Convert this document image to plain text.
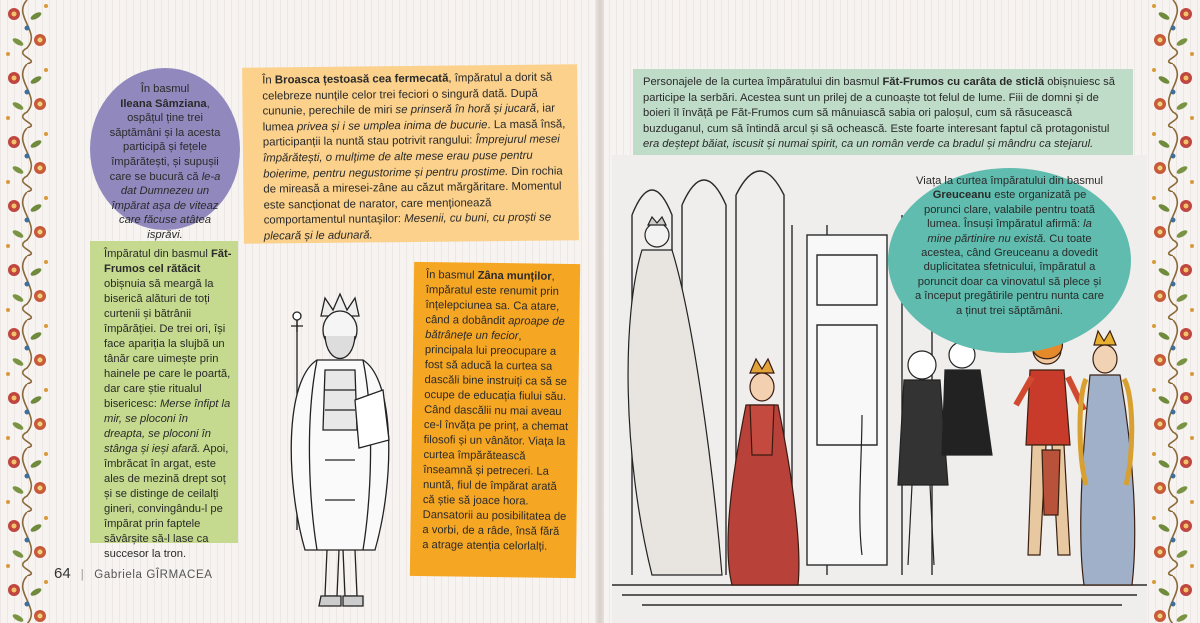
În basmul
Ileana Sâmziana, ospățul ține trei săptămâni și la acesta participă și fețele împărătești, și supușii care se bucură că le-a dat Dumnezeu un împărat așa de viteaz care făcuse atâtea isprăvi.
În Broasca țestoasă cea fermecată, împăratul a dorit să celebreze nunțile celor trei feciori o singură dată. După cununie, perechile de miri se prinseră în horă și jucară, iar lumea privea și i se umplea inima de bucurie. La masă însă, participanții la nuntă stau potrivit rangului: Împrejurul mesei împărătești, o mulțime de alte mese erau puse pentru boierime, pentru negustorime și pentru prostime. Din rochia de mireasă a miresei-zâne au căzut mărgăritare. Momentul este sancționat de narator, care menționează comportamentul nuntașilor: Mesenii, cu buni, cu proști se plecară și le adunară.
Împăratul din basmul Făt-Frumos cel rătăcit obișnuia să meargă la biserică alături de toți curtenii și bătrânii împărăției. De trei ori, își face apariția la slujbă un tânăr care uimește prin hainele pe care le poartă, dar care știe ritualul bisericesc: Merse înfipt la mir, se ploconi în dreapta, se ploconi în stânga și ieși afară. Apoi, îmbrăcat în argat, este ales de mezină drept soț și se distinge de ceilalți gineri, convingându-l pe împărat prin faptele săvârșite să-l lase ca succesor la tron.
În basmul Zâna munților, împăratul este renumit prin înțelepciunea sa. Ca atare, când a dobândit aproape de bătrânețe un fecior, principala lui preocupare a fost să aducă la curtea sa dascăli bine instruiți ca să se ocupe de educația fiului său. Când dascălii nu mai aveau ce-l învăța pe prinț, a chemat filosofi și un vânător. Viața la curtea împărătească înseamnă și petreceri. La nuntă, fiul de împărat arată că știe să joace hora. Dansatorii au posibilitatea de a vorbi, de a râde, însă fără a atrage atenția celorlalți.
Personajele de la curtea împăratului din basmul Făt-Frumos cu carâta de sticlă obișnuiesc să participe la serbări. Acestea sunt un prilej de a cunoaște tot felul de lume. Fiii de domni și de boieri îl învăță pe Făt-Frumos cum să mânuiască sabia ori paloșul, cum să răsucească buzduganul, cum să întindă arcul și să ochească. Este foarte interesant faptul că protagonistul era deștept băiat, iscusit și numai spirit, ca un român verde ca bradul și mândru ca stejarul.
Viața la curtea împăratului din basmul Greuceanu este organizată pe porunci clare, valabile pentru toată lumea. Însuși împăratul afirmă: la mine părtinire nu există. Cu toate acestea, când Greuceanu a dovedit duplicitatea sfetnicului, împăratul a poruncit doar ca vinovatul să plece și a început pregătirile pentru nunta care a ținut trei săptămâni.
64 | Gabriela GÎRMACEA
